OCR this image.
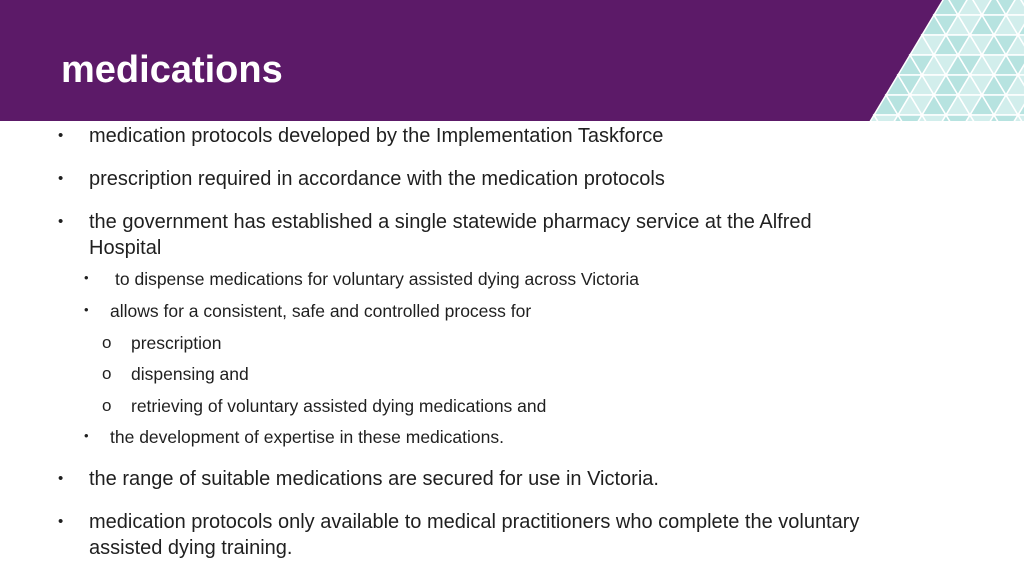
medications
• medication protocols developed by the Implementation Taskforce
• prescription required in accordance with the medication protocols
• the government has established a single statewide pharmacy service at the Alfred Hospital
• to dispense medications for voluntary assisted dying across Victoria
• allows for a consistent, safe and controlled process for
o prescription
o dispensing and
o retrieving of voluntary assisted dying medications and
• the development of expertise in these medications.
• the range of suitable medications are secured for use in Victoria.
• medication protocols only available to medical practitioners who complete the voluntary assisted dying training.
